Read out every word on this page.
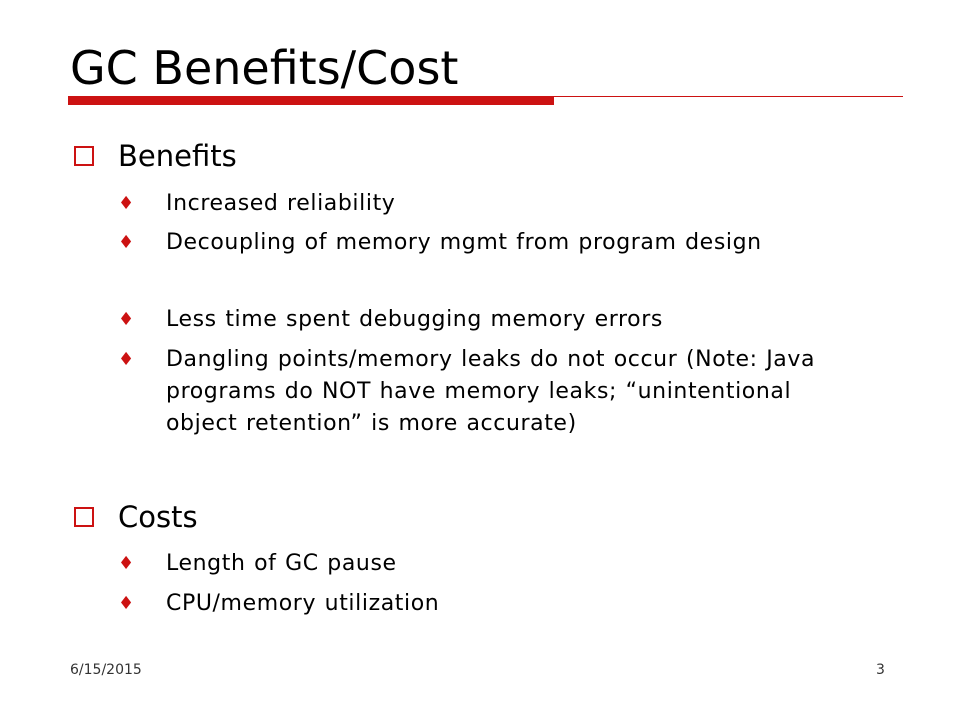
GC Benefits/Cost
Benefits
♦ Increased reliability
♦ Decoupling of memory mgmt from program design
♦ Less time spent debugging memory errors
♦ Dangling points/memory leaks do not occur (Note: Java programs do NOT have memory leaks; “unintentional object retention” is more accurate)
Costs
♦ Length of GC pause
♦ CPU/memory utilization
6/15/2015	3
